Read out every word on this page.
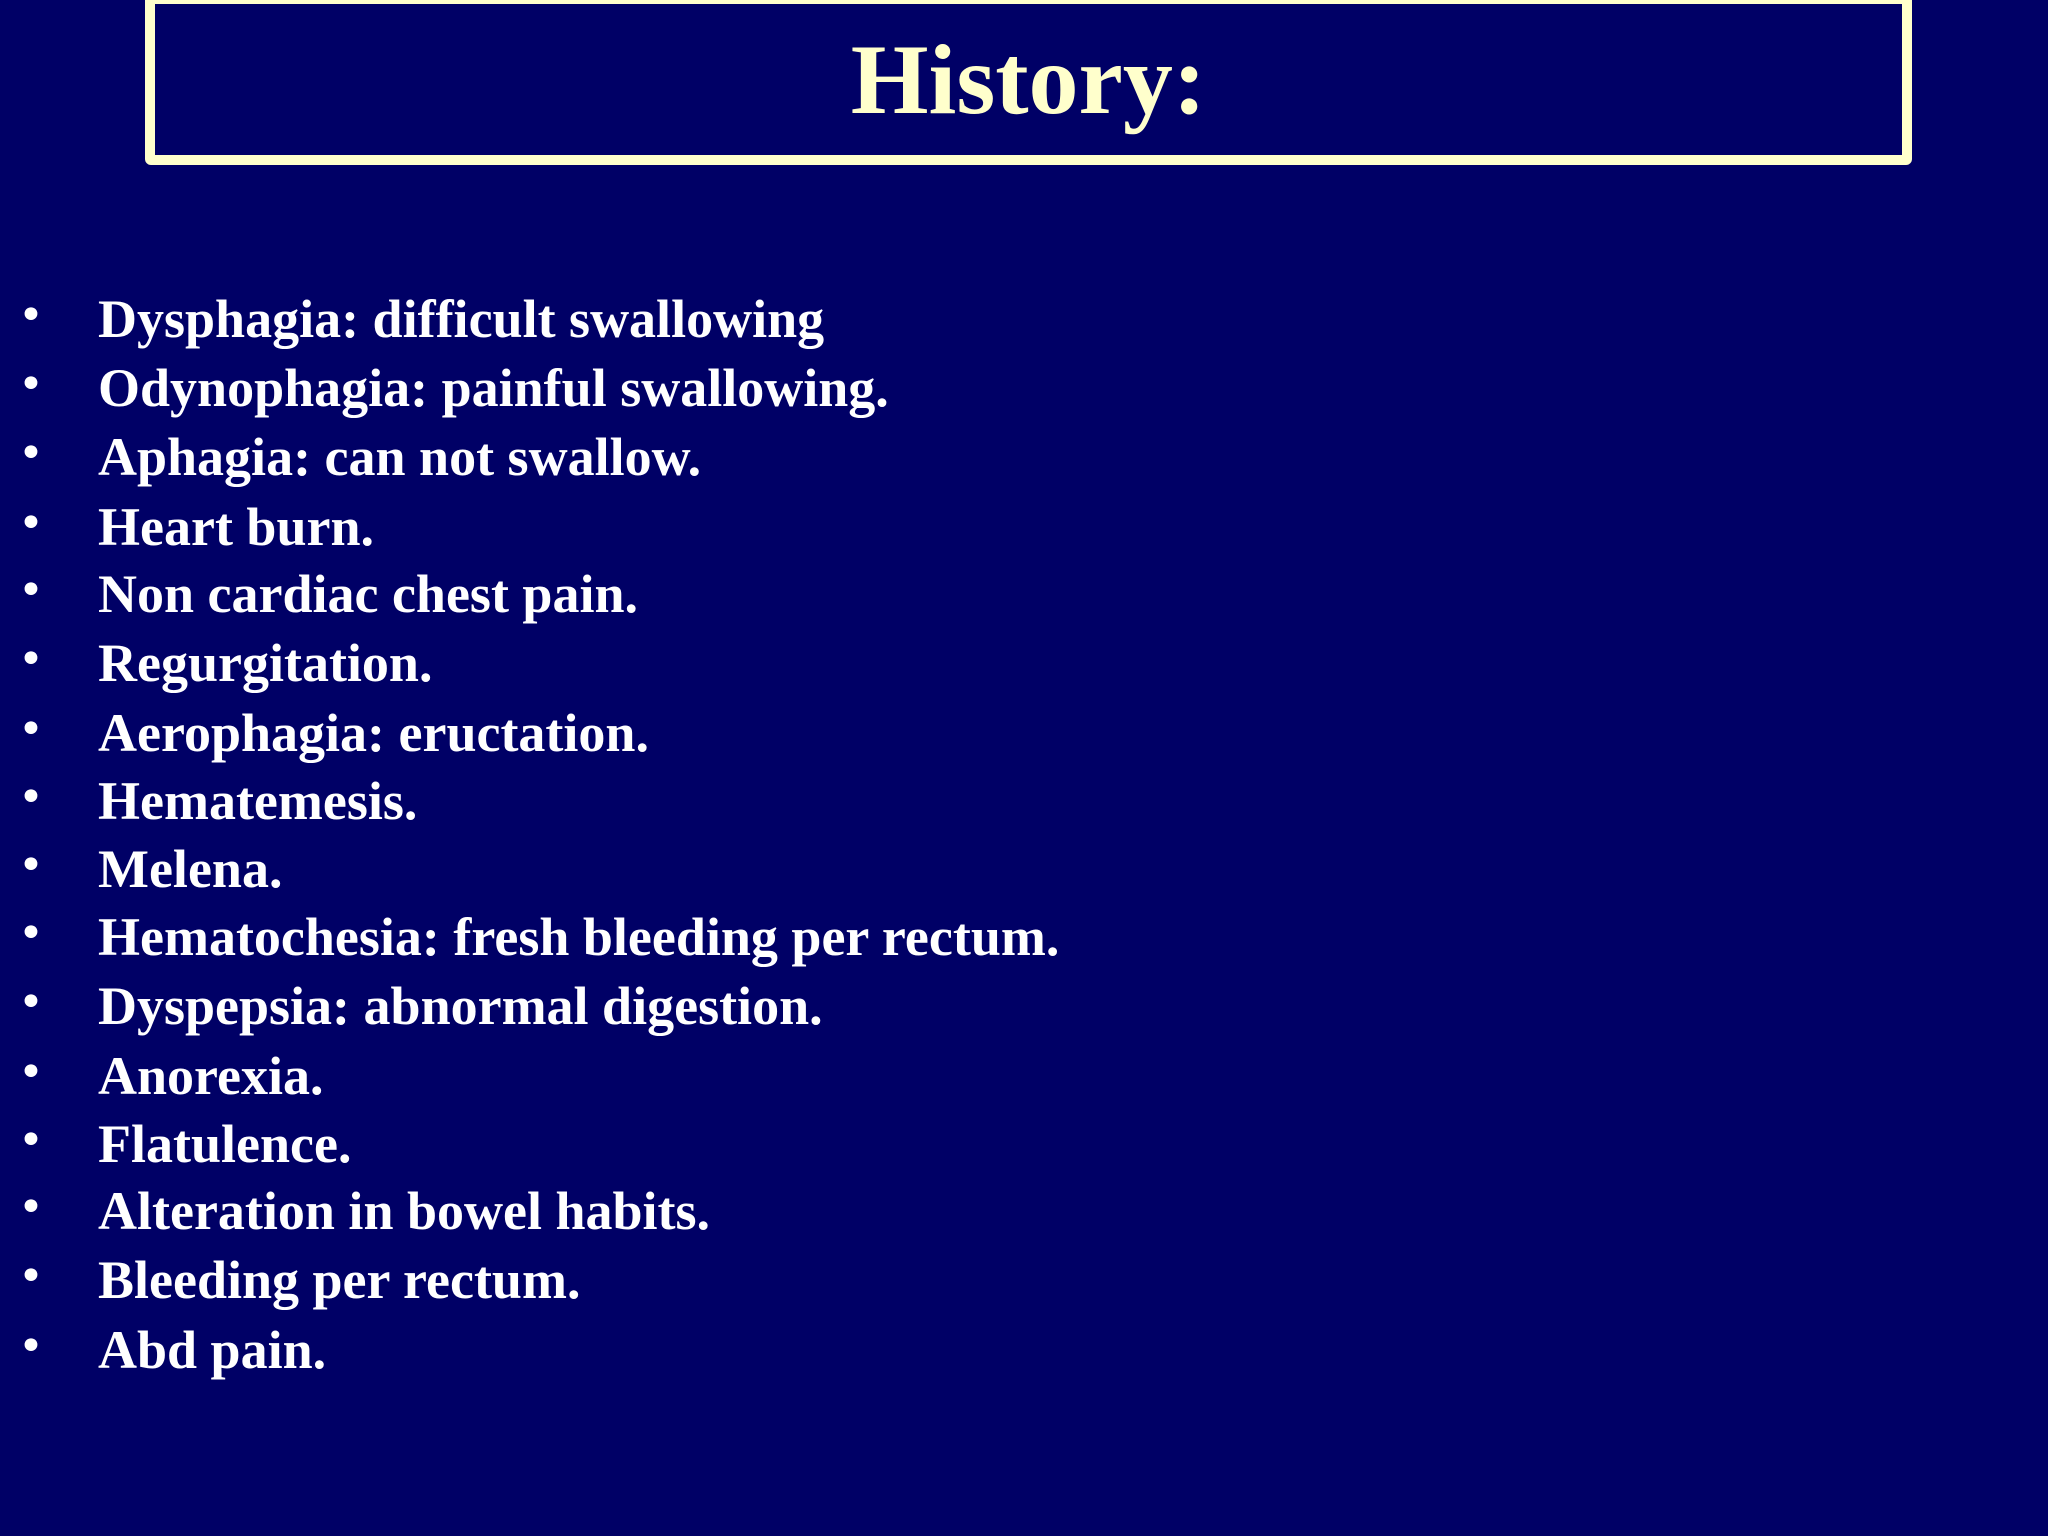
History:
• Dysphagia: difficult swallowing
• Odynophagia: painful swallowing.
• Aphagia: can not swallow.
• Heart burn.
• Non cardiac chest pain.
• Regurgitation.
• Aerophagia: eructation.
• Hematemesis.
• Melena.
• Hematochesia: fresh bleeding per rectum.
• Dyspepsia: abnormal digestion.
• Anorexia.
• Flatulence.
• Alteration in bowel habits.
• Bleeding per rectum.
• Abd pain.
